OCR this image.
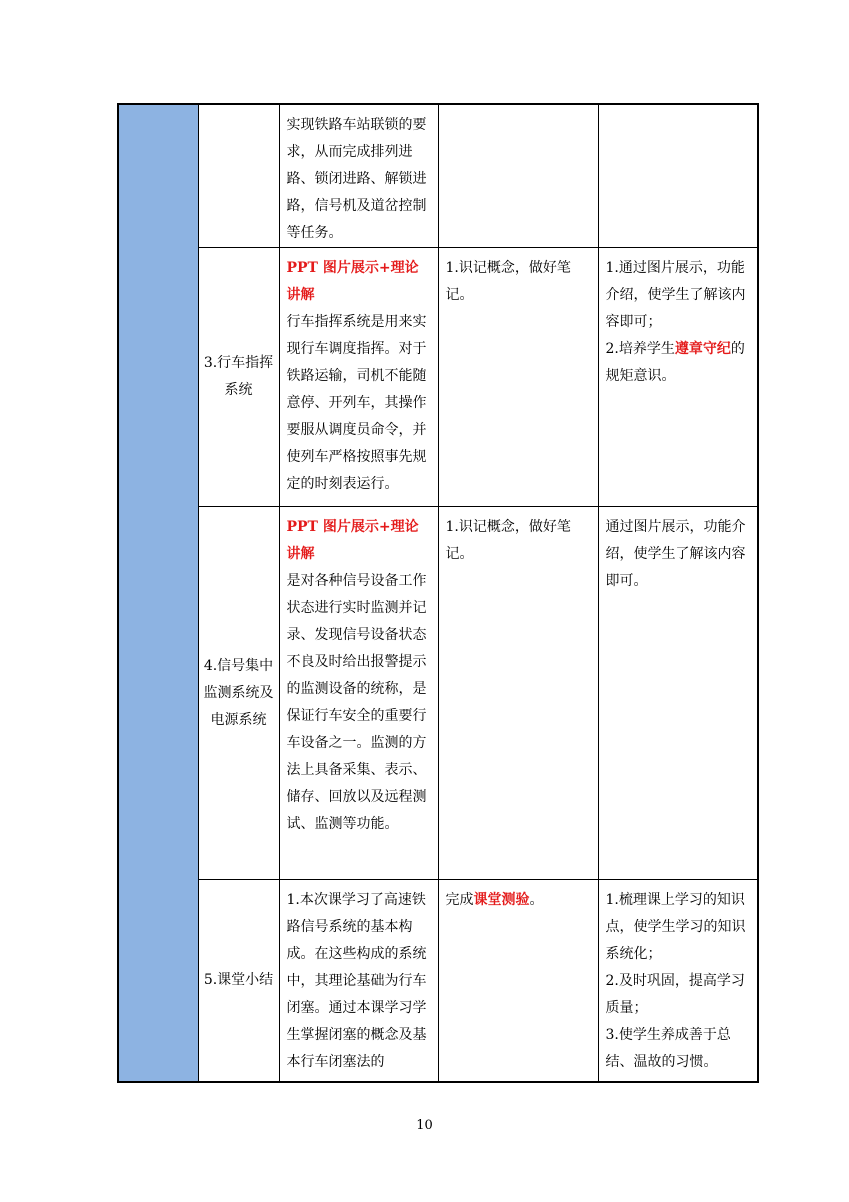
		实现铁路车站联锁的要求，从而完成排列进路、锁闭进路、解锁进路，信号机及道岔控制等任务。		
	3.行车指挥系统	PPT 图片展示+理论讲解
行车指挥系统是用来实现行车调度指挥。对于铁路运输，司机不能随意停、开列车，其操作要服从调度员命令，并使列车严格按照事先规定的时刻表运行。	1.识记概念，做好笔记。	1.通过图片展示，功能介绍，使学生了解该内容即可；
2.培养学生遵章守纪的规矩意识。
	4.信号集中监测系统及电源系统	PPT 图片展示+理论讲解
是对各种信号设备工作状态进行实时监测并记录、发现信号设备状态不良及时给出报警提示的监测设备的统称，是保证行车安全的重要行车设备之一。监测的方法上具备采集、表示、储存、回放以及远程测试、监测等功能。	1.识记概念，做好笔记。	通过图片展示，功能介绍，使学生了解该内容即可。
	5.课堂小结	1.本次课学习了高速铁路信号系统的基本构成。在这些构成的系统中，其理论基础为行车闭塞。通过本课学习学生掌握闭塞的概念及基本行车闭塞法的	完成课堂测验。	1.梳理课上学习的知识点，使学生学习的知识系统化；
2.及时巩固，提高学习质量；
3.使学生养成善于总结、温故的习惯。
10
